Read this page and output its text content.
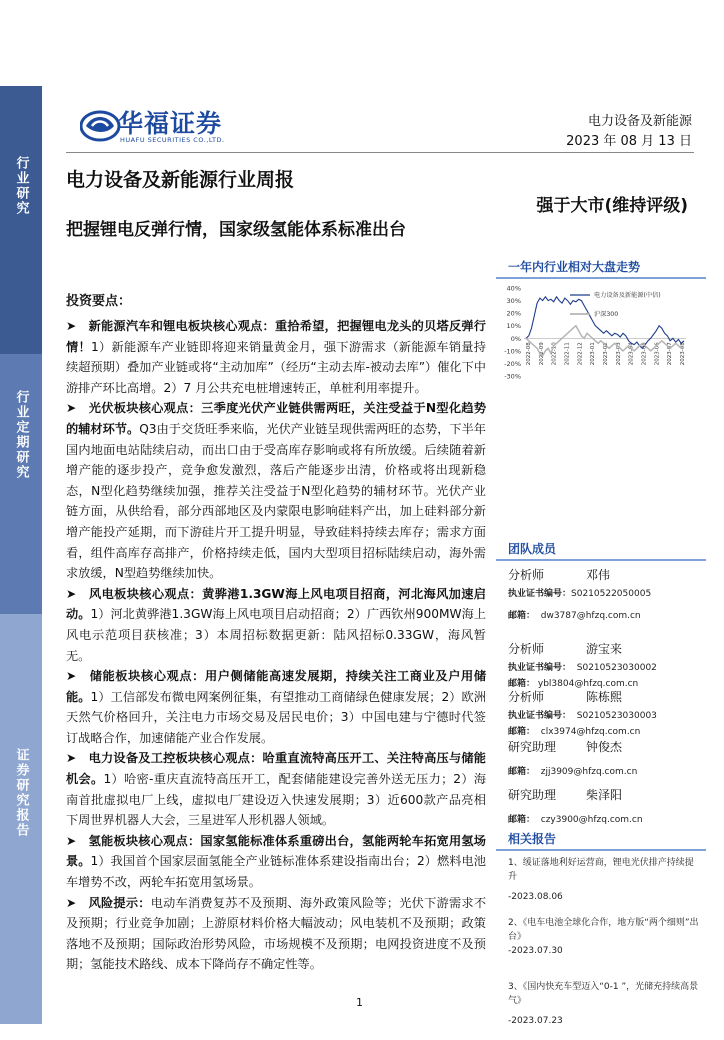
行业研究
行业定期研究
证券研究报告
华福证券
HUAFU SECURITIES CO.,LTD.
电力设备及新能源
2023 年 08 月 13 日
电力设备及新能源行业周报
强于大市(维持评级)
把握锂电反弹行情，国家级氢能体系标准出台
一年内行业相对大盘走势
40%
30%
20%
10%
0%
-10%
-20%
-30%
2022-08 2022-09 2022-10 2022-11 2022-12 2023-01 2023-02 2023-03 2023-04 2023-05 2023-06 2023-07 2023-08
电力设备及新能源(中信)
沪深300
团队成员
分析师	邓伟
执业证书编号：S0210522050005
邮箱： dw3787@hfzq.com.cn
分析师	游宝来
执业证书编号： S0210523030002
邮箱： ybl3804@hfzq.com.cn
分析师	陈栋熙
执业证书编号： S0210523030003
邮箱： clx3974@hfzq.com.cn
研究助理 钟俊杰
邮箱： zjj3909@hfzq.com.cn
研究助理 柴泽阳
邮箱： czy3900@hfzq.com.cn
相关报告
1、缓证落地利好运营商，锂电光伏排产持续提升
-2023.08.06
2、《电车电池全球化合作，地方版“两个细则”出台》
-2023.07.30
3、《国内快充车型迈入“0-1 ”，光储充持续高景气》
-2023.07.23
投资要点：

➤ 新能源汽车和锂电板块核心观点：重拾希望，把握锂电龙头的贝塔反弹行情！1）新能源车产业链即将迎来销量黄金月，强下游需求（新能源车销量持续超预期）叠加产业链或将“主动加库”（经历“主动去库-被动去库”）催化下中游排产环比高增。2）7 月公共充电桩增速转正，单桩利用率提升。

➤ 光伏板块核心观点：三季度光伏产业链供需两旺，关注受益于N型化趋势的辅材环节。Q3由于交货旺季来临，光伏产业链呈现供需两旺的态势，下半年国内地面电站陆续启动，而出口由于受高库存影响或将有所放缓。后续随着新增产能的逐步投产，竞争愈发激烈，落后产能逐步出清，价格或将出现新稳态，N型化趋势继续加强，推荐关注受益于N型化趋势的辅材环节。光伏产业链方面，从供给看，部分西部地区及内蒙限电影响硅料产出，加上硅料部分新增产能投产延期，而下游硅片开工提升明显，导致硅料持续去库存；需求方面看，组件高库存高排产，价格持续走低，国内大型项目招标陆续启动，海外需求放缓，N型趋势继续加快。

➤ 风电板块核心观点：黄骅港1.3GW海上风电项目招商，河北海风加速启动。1）河北黄骅港1.3GW海上风电项目启动招商；2）广西钦州900MW海上风电示范项目获核准；3）本周招标数据更新：陆风招标0.33GW，海风暂无。

➤ 储能板块核心观点：用户侧储能高速发展期，持续关注工商业及户用储能。1）工信部发布微电网案例征集，有望推动工商储绿色健康发展；2）欧洲天然气价格回升，关注电力市场交易及居民电价；3）中国电建与宁德时代签订战略合作，加速储能产业合作发展。

➤ 电力设备及工控板块核心观点：哈重直流特高压开工、关注特高压与储能机会。1）哈密-重庆直流特高压开工，配套储能建设完善外送无压力；2）海南首批虚拟电厂上线，虚拟电厂建设迈入快速发展期；3）近600款产品亮相下周世界机器人大会，三星进军人形机器人领域。

➤ 氢能板块核心观点：国家氢能标准体系重磅出台，氢能两轮车拓宽用氢场景。1）我国首个国家层面氢能全产业链标准体系建设指南出台；2）燃料电池车增势不改，两轮车拓宽用氢场景。

➤ 风险提示：电动车消费复苏不及预期、海外政策风险等；光伏下游需求不及预期；行业竞争加剧；上游原材料价格大幅波动；风电装机不及预期；政策落地不及预期；国际政治形势风险，市场规模不及预期；电网投资进度不及预期；氢能技术路线、成本下降尚存不确定性等。

1
